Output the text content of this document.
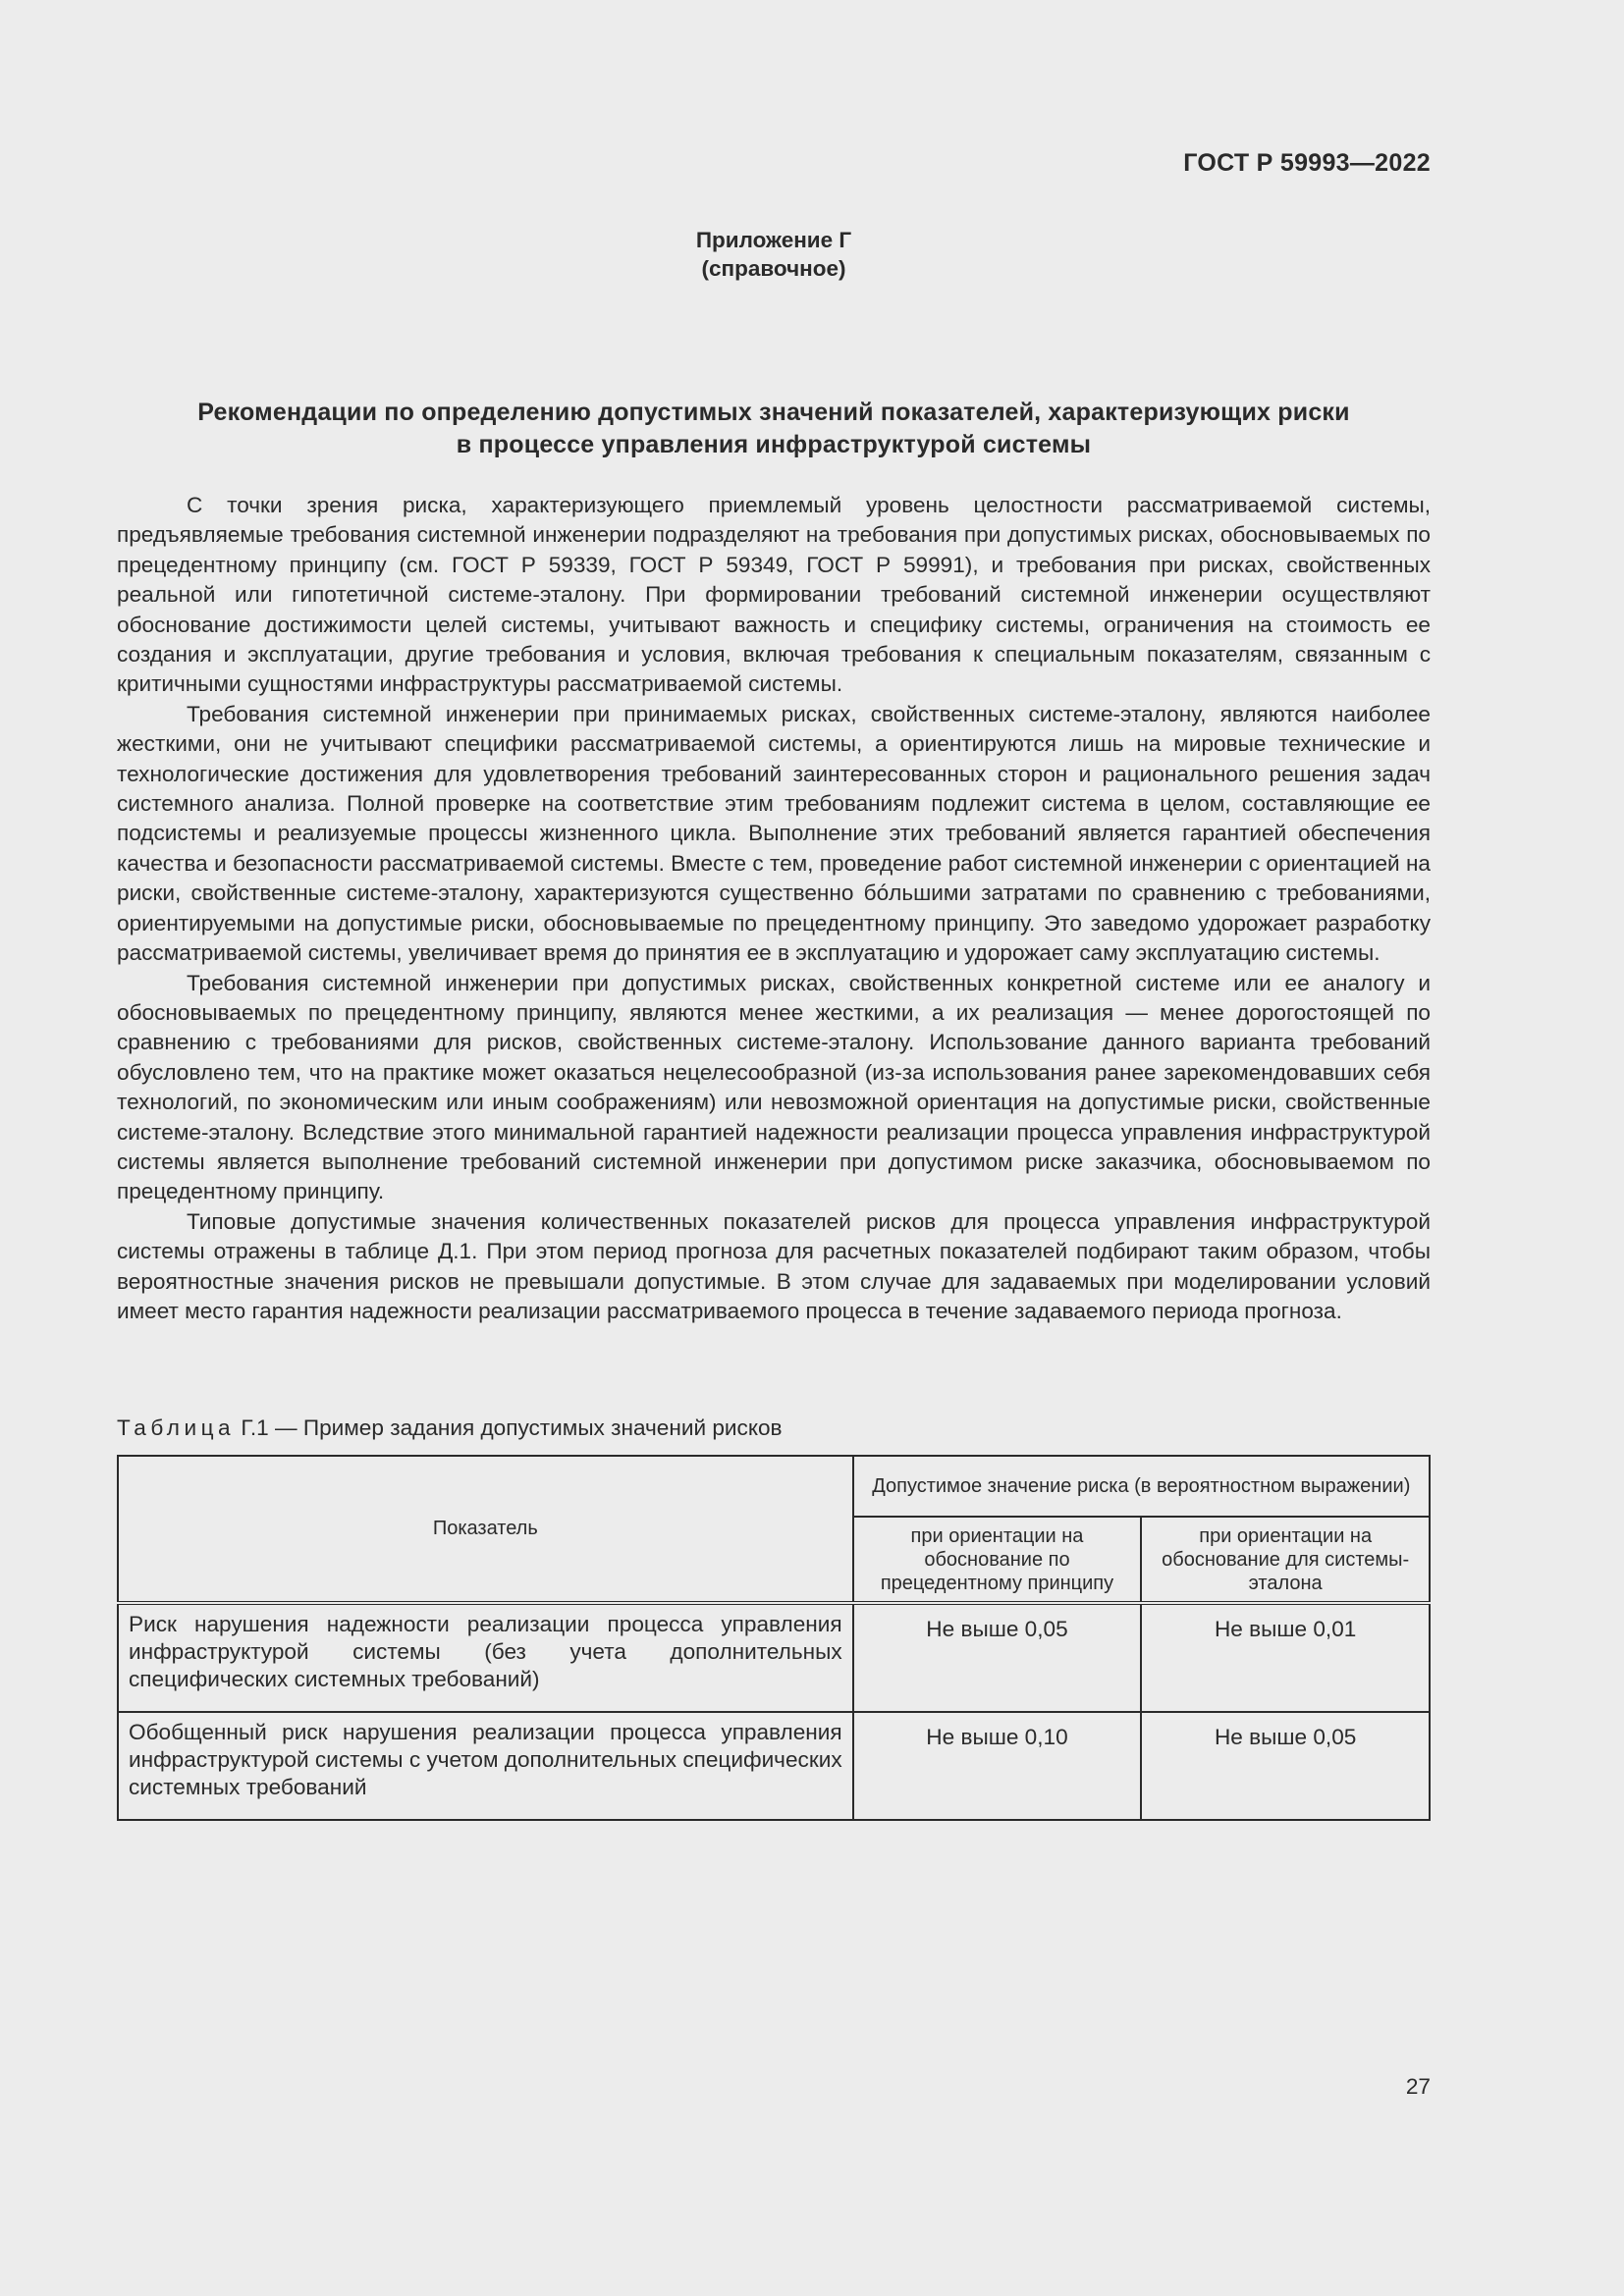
ГОСТ Р 59993—2022
Приложение Г
(справочное)
Рекомендации по определению допустимых значений показателей, характеризующих риски
в процессе управления инфраструктурой системы

С точки зрения риска, характеризующего приемлемый уровень целостности рассматриваемой системы, предъявляемые требования системной инженерии подразделяют на требования при допустимых рисках, обосновываемых по прецедентному принципу (см. ГОСТ Р 59339, ГОСТ Р 59349, ГОСТ Р 59991), и требования при рисках, свойственных реальной или гипотетичной системе-эталону. При формировании требований системной инженерии осуществляют обоснование достижимости целей системы, учитывают важность и специфику системы, ограничения на стоимость ее создания и эксплуатации, другие требования и условия, включая требования к специальным показателям, связанным с критичными сущностями инфраструктуры рассматриваемой системы.

Требования системной инженерии при принимаемых рисках, свойственных системе-эталону, являются наиболее жесткими, они не учитывают специфики рассматриваемой системы, а ориентируются лишь на мировые технические и технологические достижения для удовлетворения требований заинтересованных сторон и рационального решения задач системного анализа. Полной проверке на соответствие этим требованиям подлежит система в целом, составляющие ее подсистемы и реализуемые процессы жизненного цикла. Выполнение этих требований является гарантией обеспечения качества и безопасности рассматриваемой системы. Вместе с тем, проведение работ системной инженерии с ориентацией на риски, свойственные системе-эталону, характеризуются существенно бóльшими затратами по сравнению с требованиями, ориентируемыми на допустимые риски, обосновываемые по прецедентному принципу. Это заведомо удорожает разработку рассматриваемой системы, увеличивает время до принятия ее в эксплуатацию и удорожает саму эксплуатацию системы.

Требования системной инженерии при допустимых рисках, свойственных конкретной системе или ее аналогу и обосновываемых по прецедентному принципу, являются менее жесткими, а их реализация — менее дорогостоящей по сравнению с требованиями для рисков, свойственных системе-эталону. Использование данного варианта требований обусловлено тем, что на практике может оказаться нецелесообразной (из-за использования ранее зарекомендовавших себя технологий, по экономическим или иным соображениям) или невозможной ориентация на допустимые риски, свойственные системе-эталону. Вследствие этого минимальной гарантией надежности реализации процесса управления инфраструктурой системы является выполнение требований системной инженерии при допустимом риске заказчика, обосновываемом по прецедентному принципу.

Типовые допустимые значения количественных показателей рисков для процесса управления инфраструктурой системы отражены в таблице Д.1. При этом период прогноза для расчетных показателей подбирают таким образом, чтобы вероятностные значения рисков не превышали допустимые. В этом случае для задаваемых при моделировании условий имеет место гарантия надежности реализации рассматриваемого процесса в течение задаваемого периода прогноза.

Таблица Г.1 — Пример задания допустимых значений рисков
Показатель	Допустимое значение риска (в вероятностном выражении)	
	при ориентации на обоснование по прецедентному принципу	при ориентации на обоснование для системы-эталона
Риск нарушения надежности реализации процесса управления инфраструктурой системы (без учета дополнительных специфических системных требований)	Не выше 0,05	Не выше 0,01
Обобщенный риск нарушения реализации процесса управления инфраструктурой системы с учетом дополнительных специфических системных требований	Не выше 0,10	Не выше 0,05
27
